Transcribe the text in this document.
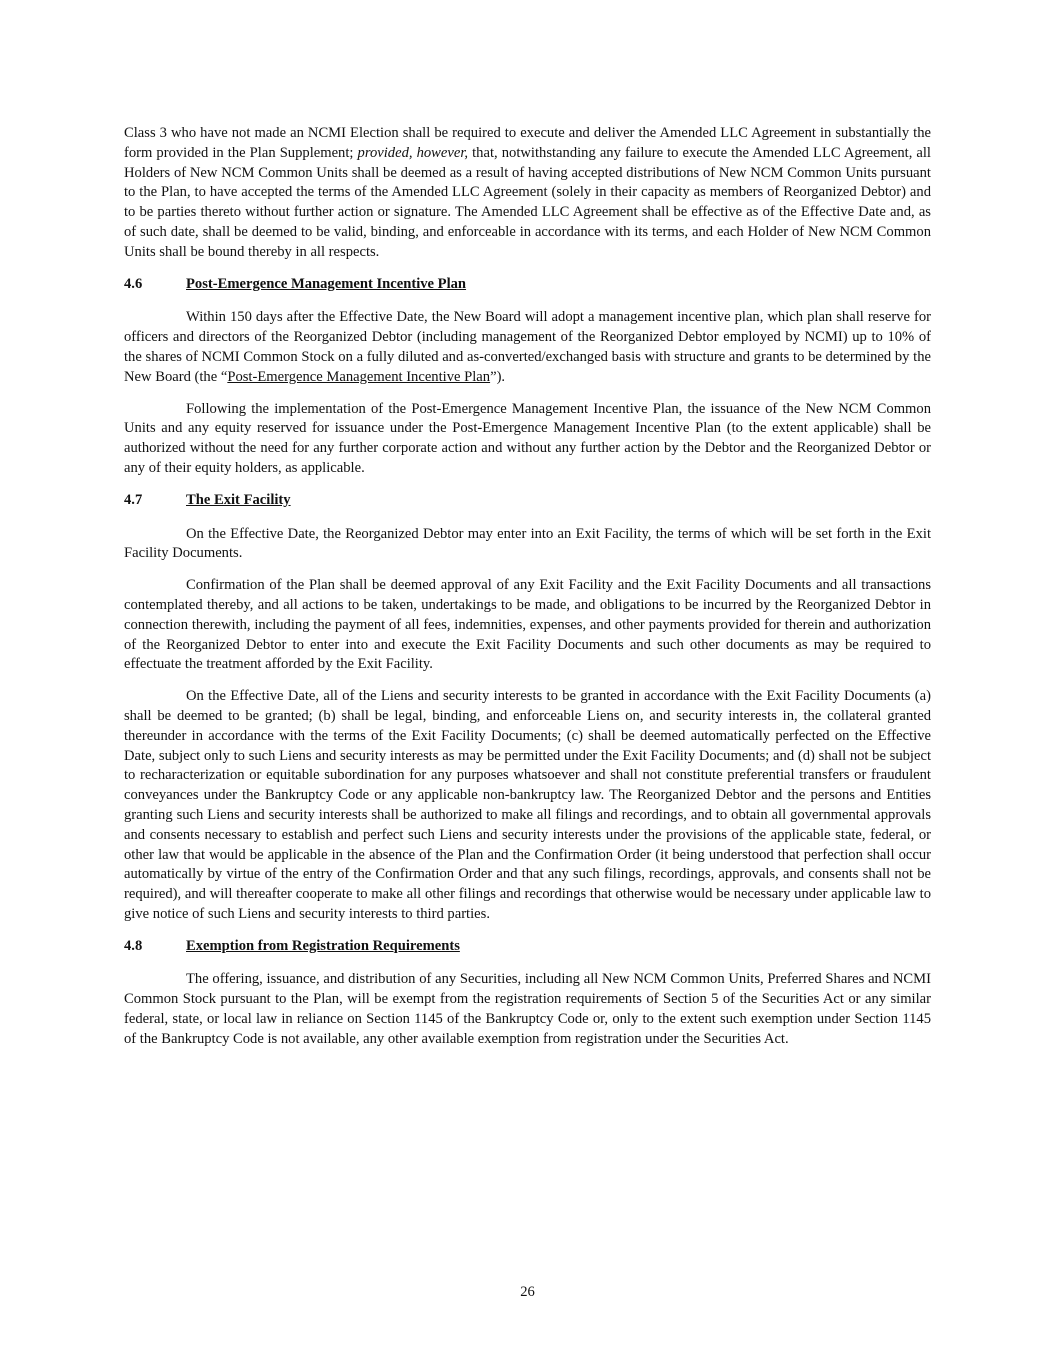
Class 3 who have not made an NCMI Election shall be required to execute and deliver the Amended LLC Agreement in substantially the form provided in the Plan Supplement; provided, however, that, notwithstanding any failure to execute the Amended LLC Agreement, all Holders of New NCM Common Units shall be deemed as a result of having accepted distributions of New NCM Common Units pursuant to the Plan, to have accepted the terms of the Amended LLC Agreement (solely in their capacity as members of Reorganized Debtor) and to be parties thereto without further action or signature. The Amended LLC Agreement shall be effective as of the Effective Date and, as of such date, shall be deemed to be valid, binding, and enforceable in accordance with its terms, and each Holder of New NCM Common Units shall be bound thereby in all respects.

4.6	Post-Emergence Management Incentive Plan

Within 150 days after the Effective Date, the New Board will adopt a management incentive plan, which plan shall reserve for officers and directors of the Reorganized Debtor (including management of the Reorganized Debtor employed by NCMI) up to 10% of the shares of NCMI Common Stock on a fully diluted and as-converted/exchanged basis with structure and grants to be determined by the New Board (the “Post-Emergence Management Incentive Plan”).

Following the implementation of the Post-Emergence Management Incentive Plan, the issuance of the New NCM Common Units and any equity reserved for issuance under the Post-Emergence Management Incentive Plan (to the extent applicable) shall be authorized without the need for any further corporate action and without any further action by the Debtor and the Reorganized Debtor or any of their equity holders, as applicable.

4.7	The Exit Facility

On the Effective Date, the Reorganized Debtor may enter into an Exit Facility, the terms of which will be set forth in the Exit Facility Documents.

Confirmation of the Plan shall be deemed approval of any Exit Facility and the Exit Facility Documents and all transactions contemplated thereby, and all actions to be taken, undertakings to be made, and obligations to be incurred by the Reorganized Debtor in connection therewith, including the payment of all fees, indemnities, expenses, and other payments provided for therein and authorization of the Reorganized Debtor to enter into and execute the Exit Facility Documents and such other documents as may be required to effectuate the treatment afforded by the Exit Facility.

On the Effective Date, all of the Liens and security interests to be granted in accordance with the Exit Facility Documents (a) shall be deemed to be granted; (b) shall be legal, binding, and enforceable Liens on, and security interests in, the collateral granted thereunder in accordance with the terms of the Exit Facility Documents; (c) shall be deemed automatically perfected on the Effective Date, subject only to such Liens and security interests as may be permitted under the Exit Facility Documents; and (d) shall not be subject to recharacterization or equitable subordination for any purposes whatsoever and shall not constitute preferential transfers or fraudulent conveyances under the Bankruptcy Code or any applicable non-bankruptcy law. The Reorganized Debtor and the persons and Entities granting such Liens and security interests shall be authorized to make all filings and recordings, and to obtain all governmental approvals and consents necessary to establish and perfect such Liens and security interests under the provisions of the applicable state, federal, or other law that would be applicable in the absence of the Plan and the Confirmation Order (it being understood that perfection shall occur automatically by virtue of the entry of the Confirmation Order and that any such filings, recordings, approvals, and consents shall not be required), and will thereafter cooperate to make all other filings and recordings that otherwise would be necessary under applicable law to give notice of such Liens and security interests to third parties.

4.8	Exemption from Registration Requirements

The offering, issuance, and distribution of any Securities, including all New NCM Common Units, Preferred Shares and NCMI Common Stock pursuant to the Plan, will be exempt from the registration requirements of Section 5 of the Securities Act or any similar federal, state, or local law in reliance on Section 1145 of the Bankruptcy Code or, only to the extent such exemption under Section 1145 of the Bankruptcy Code is not available, any other available exemption from registration under the Securities Act.

26
